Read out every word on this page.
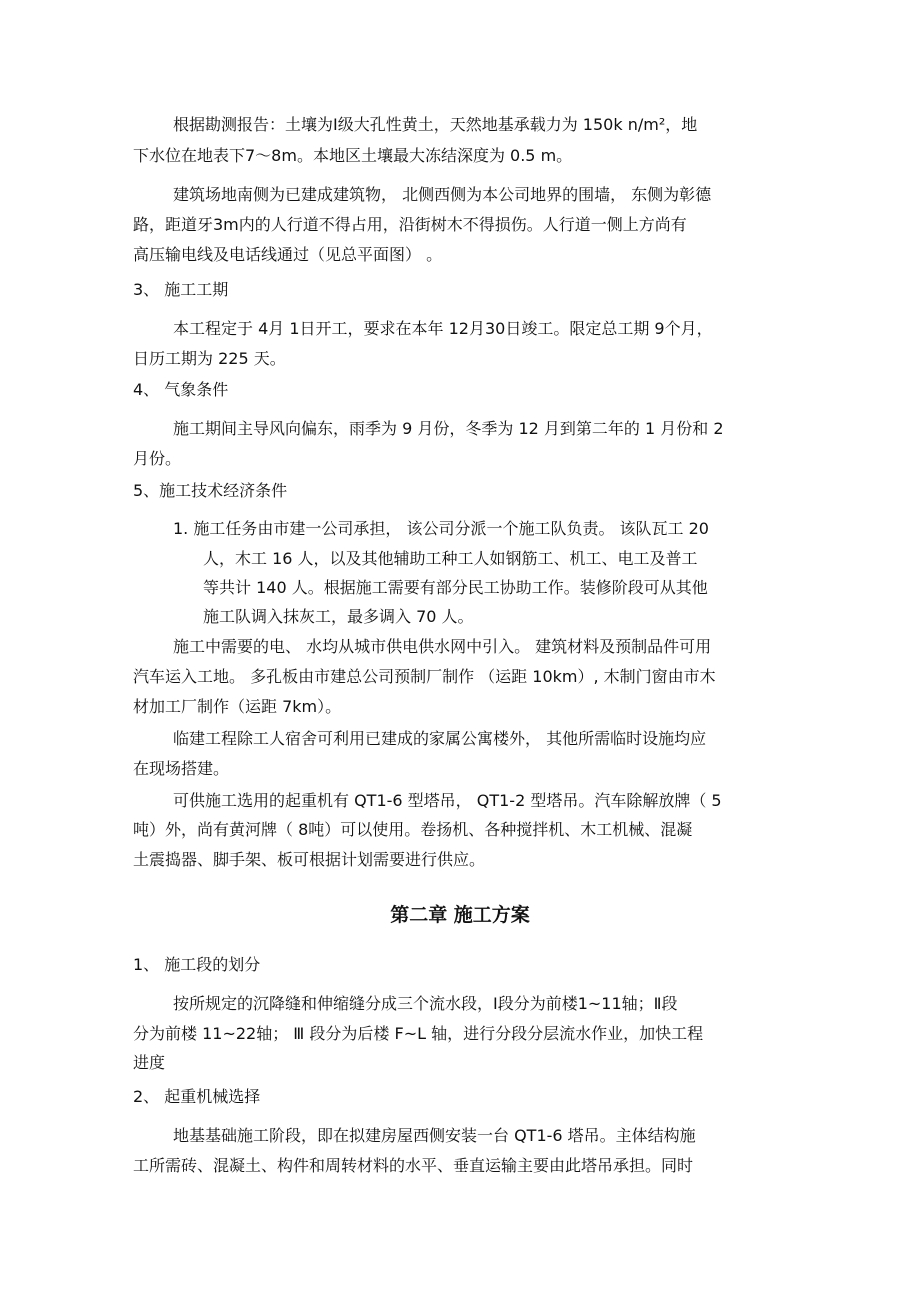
根据勘测报告：土壤为Ⅰ级大孔性黄土，天然地基承载力为 150k n/m²，地
下水位在地表下7～8m。本地区土壤最大冻结深度为 0.5 m。
建筑场地南侧为已建成建筑物， 北侧西侧为本公司地界的围墙， 东侧为彰德
路，距道牙3m内的人行道不得占用，沿街树木不得损伤。人行道一侧上方尚有
高压输电线及电话线通过（见总平面图） 。
3、 施工工期
本工程定于 4月 1日开工，要求在本年 12月30日竣工。限定总工期 9个月，
日历工期为 225 天。
4、 气象条件
施工期间主导风向偏东，雨季为 9 月份，冬季为 12 月到第二年的 1 月份和 2
月份。
5、施工技术经济条件
1. 施工任务由市建一公司承担， 该公司分派一个施工队负责。 该队瓦工 20
人，木工 16 人，以及其他辅助工种工人如钢筋工、机工、电工及普工
等共计 140 人。根据施工需要有部分民工协助工作。装修阶段可从其他
施工队调入抹灰工，最多调入 70 人。
施工中需要的电、 水均从城市供电供水网中引入。 建筑材料及预制品件可用
汽车运入工地。 多孔板由市建总公司预制厂制作 （运距 10km）, 木制门窗由市木
材加工厂制作（运距 7km）。
临建工程除工人宿舍可利用已建成的家属公寓楼外， 其他所需临时设施均应
在现场搭建。
可供施工选用的起重机有 QT1-6 型塔吊， QT1-2 型塔吊。汽车除解放牌（ 5
吨）外，尚有黄河牌（ 8吨）可以使用。卷扬机、各种搅拌机、木工机械、混凝
土震捣器、脚手架、板可根据计划需要进行供应。
第二章 施工方案
1、 施工段的划分
按所规定的沉降缝和伸缩缝分成三个流水段，Ⅰ段分为前楼1~11轴；Ⅱ段
分为前楼 11~22轴； Ⅲ 段分为后楼 F~L 轴，进行分段分层流水作业，加快工程
进度
2、 起重机械选择
地基基础施工阶段，即在拟建房屋西侧安装一台 QT1-6 塔吊。主体结构施
工所需砖、混凝土、构件和周转材料的水平、垂直运输主要由此塔吊承担。同时
